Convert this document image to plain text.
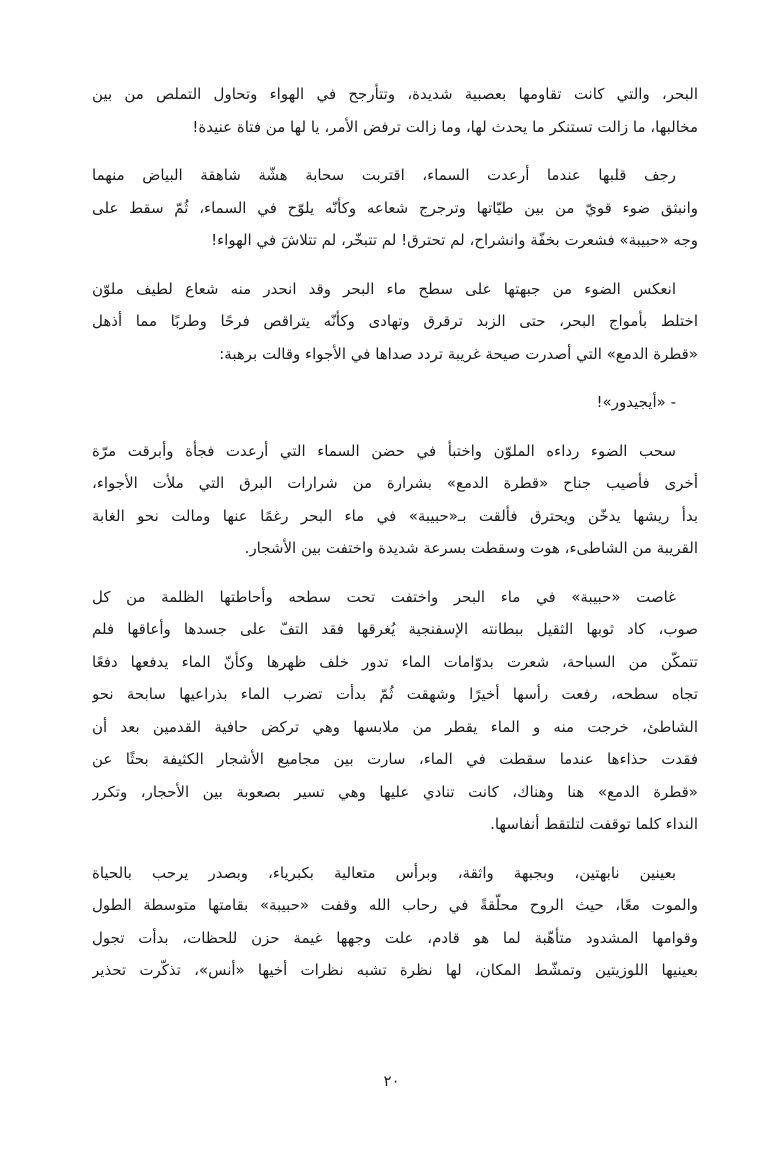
البحر، والتي كانت تقاومها بعصبية شديدة، وتتأرجح في الهواء وتحاول التملص من بين
مخالبها، ما زالت تستنكر ما يحدث لها، وما زالت ترفض الأمر، يا لها من فتاة عنيدة!

رجف قلبها عندما أرعدت السماء، اقتربت سحابة هشّة شاهقة البياض منهما
وانبثق ضوء قويّ من بين طيّاتها وترجرج شعاعه وكأنّه يلوّح في السماء، ثُمّ سقط على
وجه «حبيبة» فشعرت بخفّة وانشراح، لم تحترق! لم تتبخّر، لم تتلاشَ في الهواء!

انعكس الضوء من جبهتها على سطح ماء البحر وقد انحدر منه شعاع لطيف ملوّن
اختلط بأمواج البحر، حتى الزبد ترقرق وتهادى وكأنّه يتراقص فرحًا وطربًا مما أذهل
«قطرة الدمع» التي أصدرت صيحة غريبة تردد صداها في الأجواء وقالت برهبة:

- «أيجيدور»!

سحب الضوء رداءه الملوّن واختبأ في حضن السماء التي أرعدت فجأة وأبرقت مرّة
أخرى فأصيب جناح «قطرة الدمع» بشرارة من شرارات البرق التي ملأت الأجواء،
بدأ ريشها يدخّن ويحترق فألقت بـ«حبيبة» في ماء البحر رغمًا عنها ومالت نحو الغابة
القريبة من الشاطىء، هوت وسقطت بسرعة شديدة واختفت بين الأشجار.

غاصت «حبيبة» في ماء البحر واختفت تحت سطحه وأحاطتها الظلمة من كل
صوب، كاد ثوبها الثقيل ببطانته الإسفنجية يُغرقها فقد التفّ على جسدها وأعاقها فلم
تتمكّن من السباحة، شعرت بدوّامات الماء تدور خلف ظهرها وكأنّ الماء يدفعها دفعًا
تجاه سطحه، رفعت رأسها أخيرًا وشهقت ثُمّ بدأت تضرب الماء بذراعيها سابحة نحو
الشاطئ، خرجت منه و الماء يقطر من ملابسها وهي تركض حافية القدمين بعد أن
فقدت حذاءها عندما سقطت في الماء، سارت بين مجاميع الأشجار الكثيفة بحثًا عن
«قطرة الدمع» هنا وهناك، كانت تنادي عليها وهي تسير بصعوبة بين الأحجار، وتكرر
النداء كلما توقفت لتلتقط أنفاسها.

بعينين نابهتين، وبجبهة واثقة، وبرأس متعالية بكبرياء، وبصدر يرحب بالحياة
والموت معًا، حيث الروح محلّقةً في رحاب الله وقفت «حبيبة» بقامتها متوسطة الطول
وقوامها المشدود متأهّبة لما هو قادم، علت وجهها غيمة حزن للحظات، بدأت تجول
بعينيها اللوزيتين وتمشّط المكان، لها نظرة تشبه نظرات أخيها «أنس»، تذكّرت تحذير

٢٠
